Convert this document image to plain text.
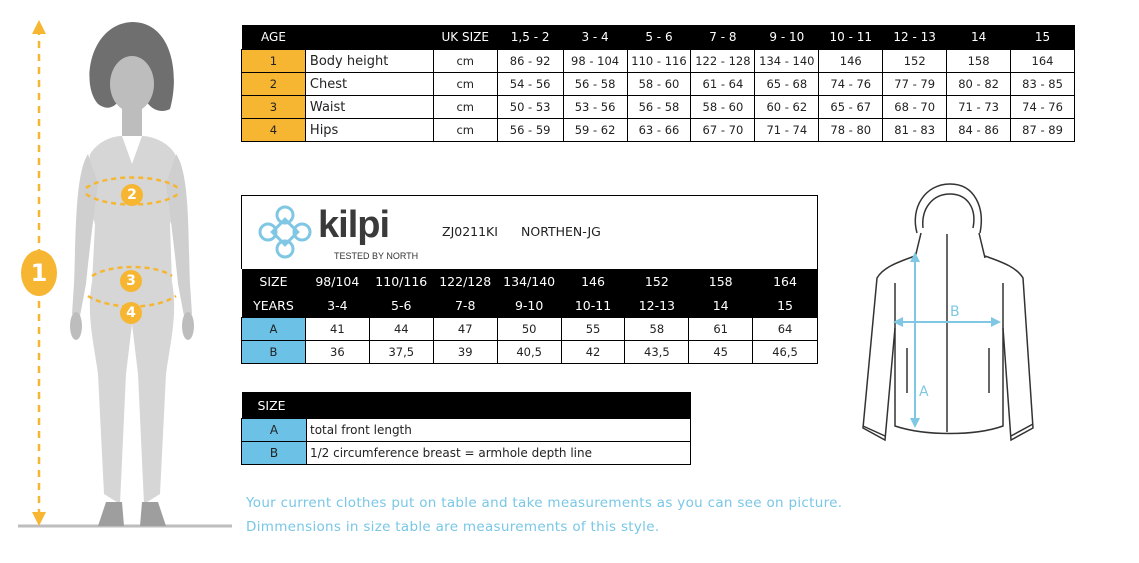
1
2
3
4
AGE		UK SIZE	1,5 - 2	3 - 4	5 - 6	7 - 8	9 - 10	10 - 11	12 - 13	14	15
1	Body height	cm	86 - 92	98 - 104	110 - 116	122 - 128	134 - 140	146	152	158	164
2	Chest	cm	54 - 56	56 - 58	58 - 60	61 - 64	65 - 68	74 - 76	77 - 79	80 - 82	83 - 85
3	Waist	cm	50 - 53	53 - 56	56 - 58	58 - 60	60 - 62	65 - 67	68 - 70	71 - 73	74 - 76
4	Hips	cm	56 - 59	59 - 62	63 - 66	67 - 70	71 - 74	78 - 80	81 - 83	84 - 86	87 - 89
kilpi
TESTED BY NORTH
ZJ0211KI NORTHEN-JG
SIZE	98/104	110/116	122/128	134/140	146	152	158	164
YEARS	3-4	5-6	7-8	9-10	10-11	12-13	14	15
A	41	44	47	50	55	58	61	64
B	36	37,5	39	40,5	42	43,5	45	46,5
SIZE	
A	total front length
B	1/2 circumference breast = armhole depth line
Your current clothes put on table and take measurements as you can see on picture.
Dimmensions in size table are measurements of this style.
A
B
